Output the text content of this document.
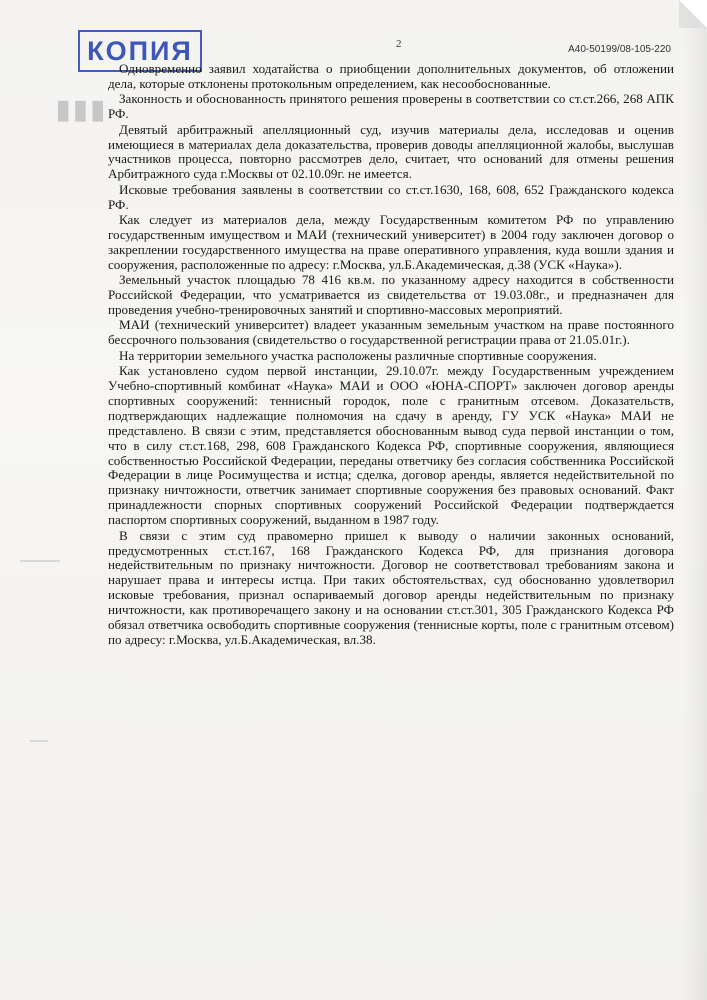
▮▮▮
КОПИЯ	2	А40-50199/08-105-220

Одновременно заявил ходатайства о приобщении дополнительных документов, об отложении дела, которые отклонены протокольным определением, как несообоснованные.

Законность и обоснованность принятого решения проверены в соответствии со ст.ст.266, 268 АПК РФ.

Девятый арбитражный апелляционный суд, изучив материалы дела, исследовав и оценив имеющиеся в материалах дела доказательства, проверив доводы апелляционной жалобы, выслушав участников процесса, повторно рассмотрев дело, считает, что оснований для отмены решения Арбитражного суда г.Москвы от 02.10.09г. не имеется.

Исковые требования заявлены в соответствии со ст.ст.1630, 168, 608, 652 Гражданского кодекса РФ.

Как следует из материалов дела, между Государственным комитетом РФ по управлению государственным имуществом и МАИ (технический университет) в 2004 году заключен договор о закреплении государственного имущества на праве оперативного управления, куда вошли здания и сооружения, расположенные по адресу: г.Москва, ул.Б.Академическая, д.38 (УСК «Наука»).

Земельный участок площадью 78 416 кв.м. по указанному адресу находится в собственности Российской Федерации, что усматривается из свидетельства от 19.03.08г., и предназначен для проведения учебно-тренировочных занятий и спортивно-массовых мероприятий.

МАИ (технический университет) владеет указанным земельным участком на праве постоянного бессрочного пользования (свидетельство о государственной регистрации права от 21.05.01г.).

На территории земельного участка расположены различные спортивные сооружения.

Как установлено судом первой инстанции, 29.10.07г. между Государственным учреждением Учебно-спортивный комбинат «Наука» МАИ и ООО «ЮНА-СПОРТ» заключен договор аренды спортивных сооружений: теннисный городок, поле с гранитным отсевом. Доказательств, подтверждающих надлежащие полномочия на сдачу в аренду, ГУ УСК «Наука» МАИ не представлено. В связи с этим, представляется обоснованным вывод суда первой инстанции о том, что в силу ст.ст.168, 298, 608 Гражданского Кодекса РФ, спортивные сооружения, являющиеся собственностью Российской Федерации, переданы ответчику без согласия собственника Российской Федерации в лице Росимущества и истца; сделка, договор аренды, является недействительной по признаку ничтожности, ответчик занимает спортивные сооружения без правовых оснований. Факт принадлежности спорных спортивных сооружений Российской Федерации подтверждается паспортом спортивных сооружений, выданном в 1987 году.

В связи с этим суд правомерно пришел к выводу о наличии законных оснований, предусмотренных ст.ст.167, 168 Гражданского Кодекса РФ, для признания договора недействительным по признаку ничтожности. Договор не соответствовал требованиям закона и нарушает права и интересы истца. При таких обстоятельствах, суд обоснованно удовлетворил исковые требования, признал оспариваемый договор аренды недействительным по признаку ничтожности, как противоречащего закону и на основании ст.ст.301, 305 Гражданского Кодекса РФ обязал ответчика освободить спортивные сооружения (теннисные корты, поле с гранитным отсевом) по адресу: г.Москва, ул.Б.Академическая, вл.38.
